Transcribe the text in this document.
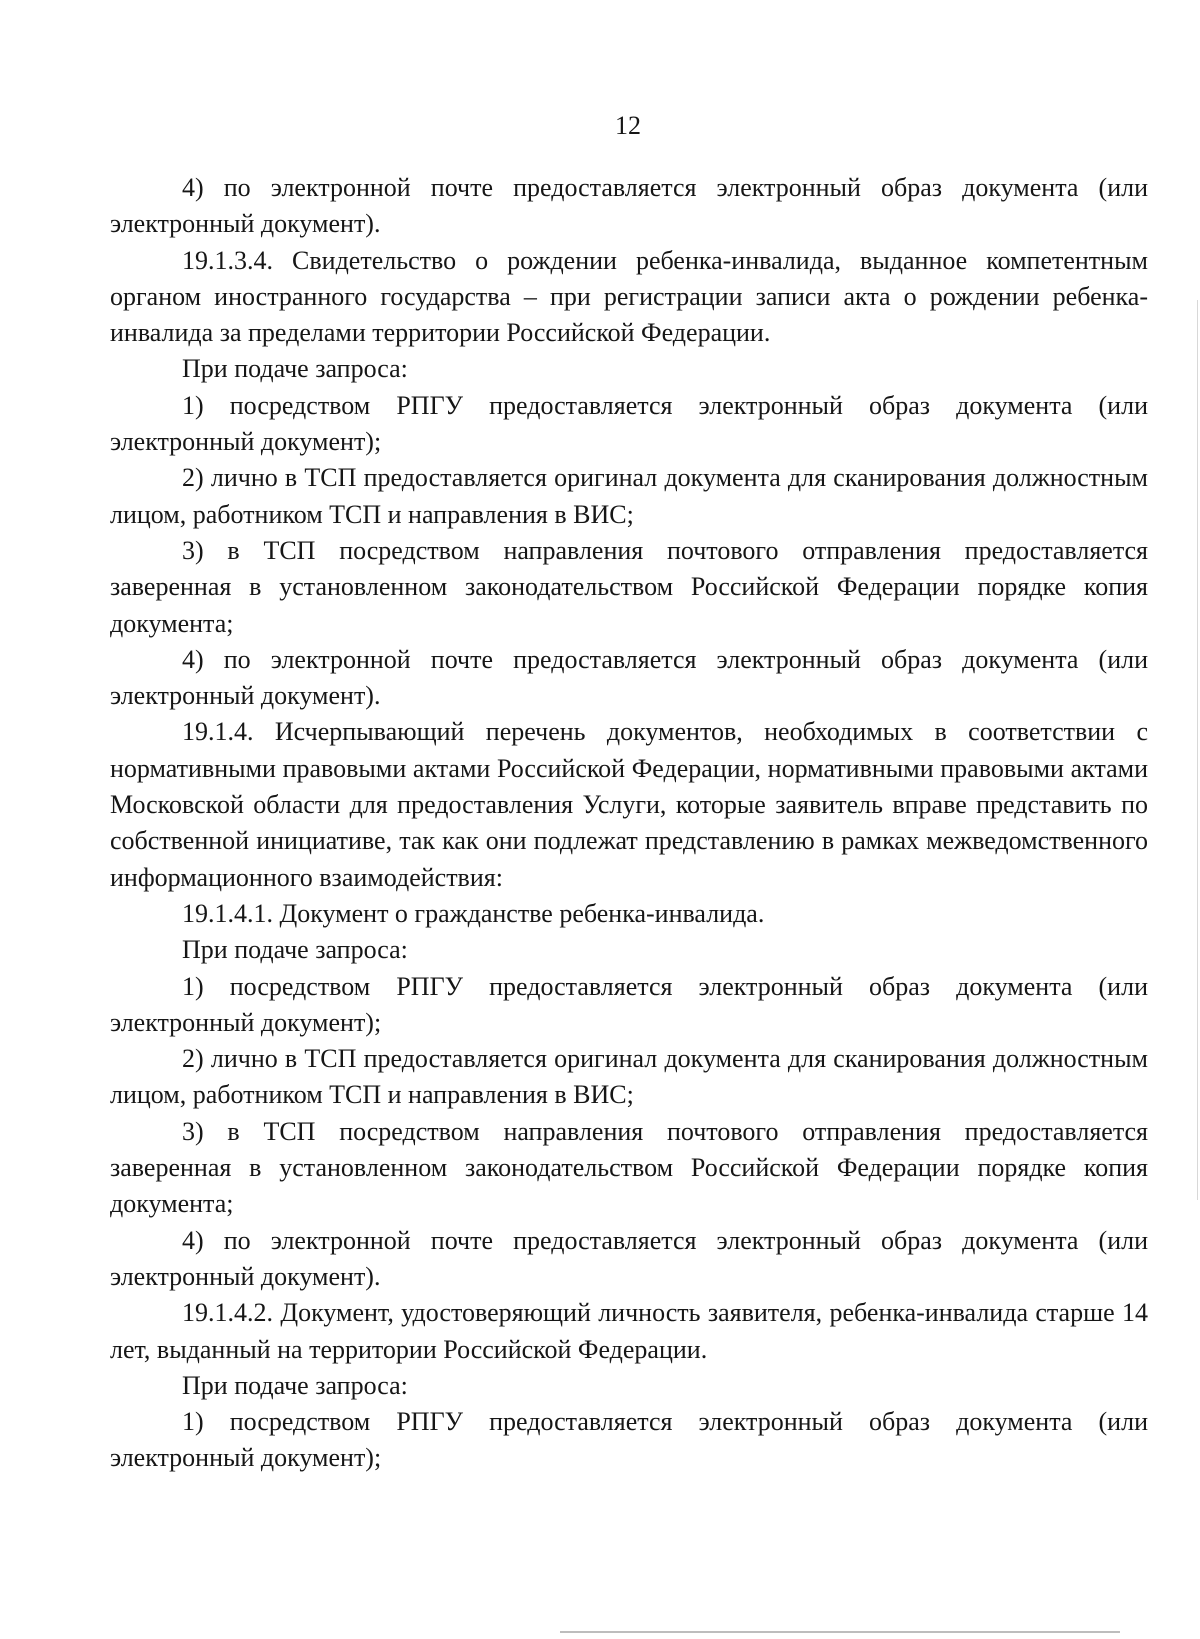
12

4) по электронной почте предоставляется электронный образ документа (или электронный документ).

19.1.3.4. Свидетельство о рождении ребенка-инвалида, выданное компетентным органом иностранного государства – при регистрации записи акта о рождении ребенка-инвалида за пределами территории Российской Федерации.

При подаче запроса:

1) посредством РПГУ предоставляется электронный образ документа (или электронный документ);

2) лично в ТСП предоставляется оригинал документа для сканирования должностным лицом, работником ТСП и направления в ВИС;

3) в ТСП посредством направления почтового отправления предоставляется заверенная в установленном законодательством Российской Федерации порядке копия документа;

4) по электронной почте предоставляется электронный образ документа (или электронный документ).

19.1.4. Исчерпывающий перечень документов, необходимых в соответствии с нормативными правовыми актами Российской Федерации, нормативными правовыми актами Московской области для предоставления Услуги, которые заявитель вправе представить по собственной инициативе, так как они подлежат представлению в рамках межведомственного информационного взаимодействия:

19.1.4.1. Документ о гражданстве ребенка-инвалида.

При подаче запроса:

1) посредством РПГУ предоставляется электронный образ документа (или электронный документ);

2) лично в ТСП предоставляется оригинал документа для сканирования должностным лицом, работником ТСП и направления в ВИС;

3) в ТСП посредством направления почтового отправления предоставляется заверенная в установленном законодательством Российской Федерации порядке копия документа;

4) по электронной почте предоставляется электронный образ документа (или электронный документ).

19.1.4.2. Документ, удостоверяющий личность заявителя, ребенка-инвалида старше 14 лет, выданный на территории Российской Федерации.

При подаче запроса:

1) посредством РПГУ предоставляется электронный образ документа (или электронный документ);
